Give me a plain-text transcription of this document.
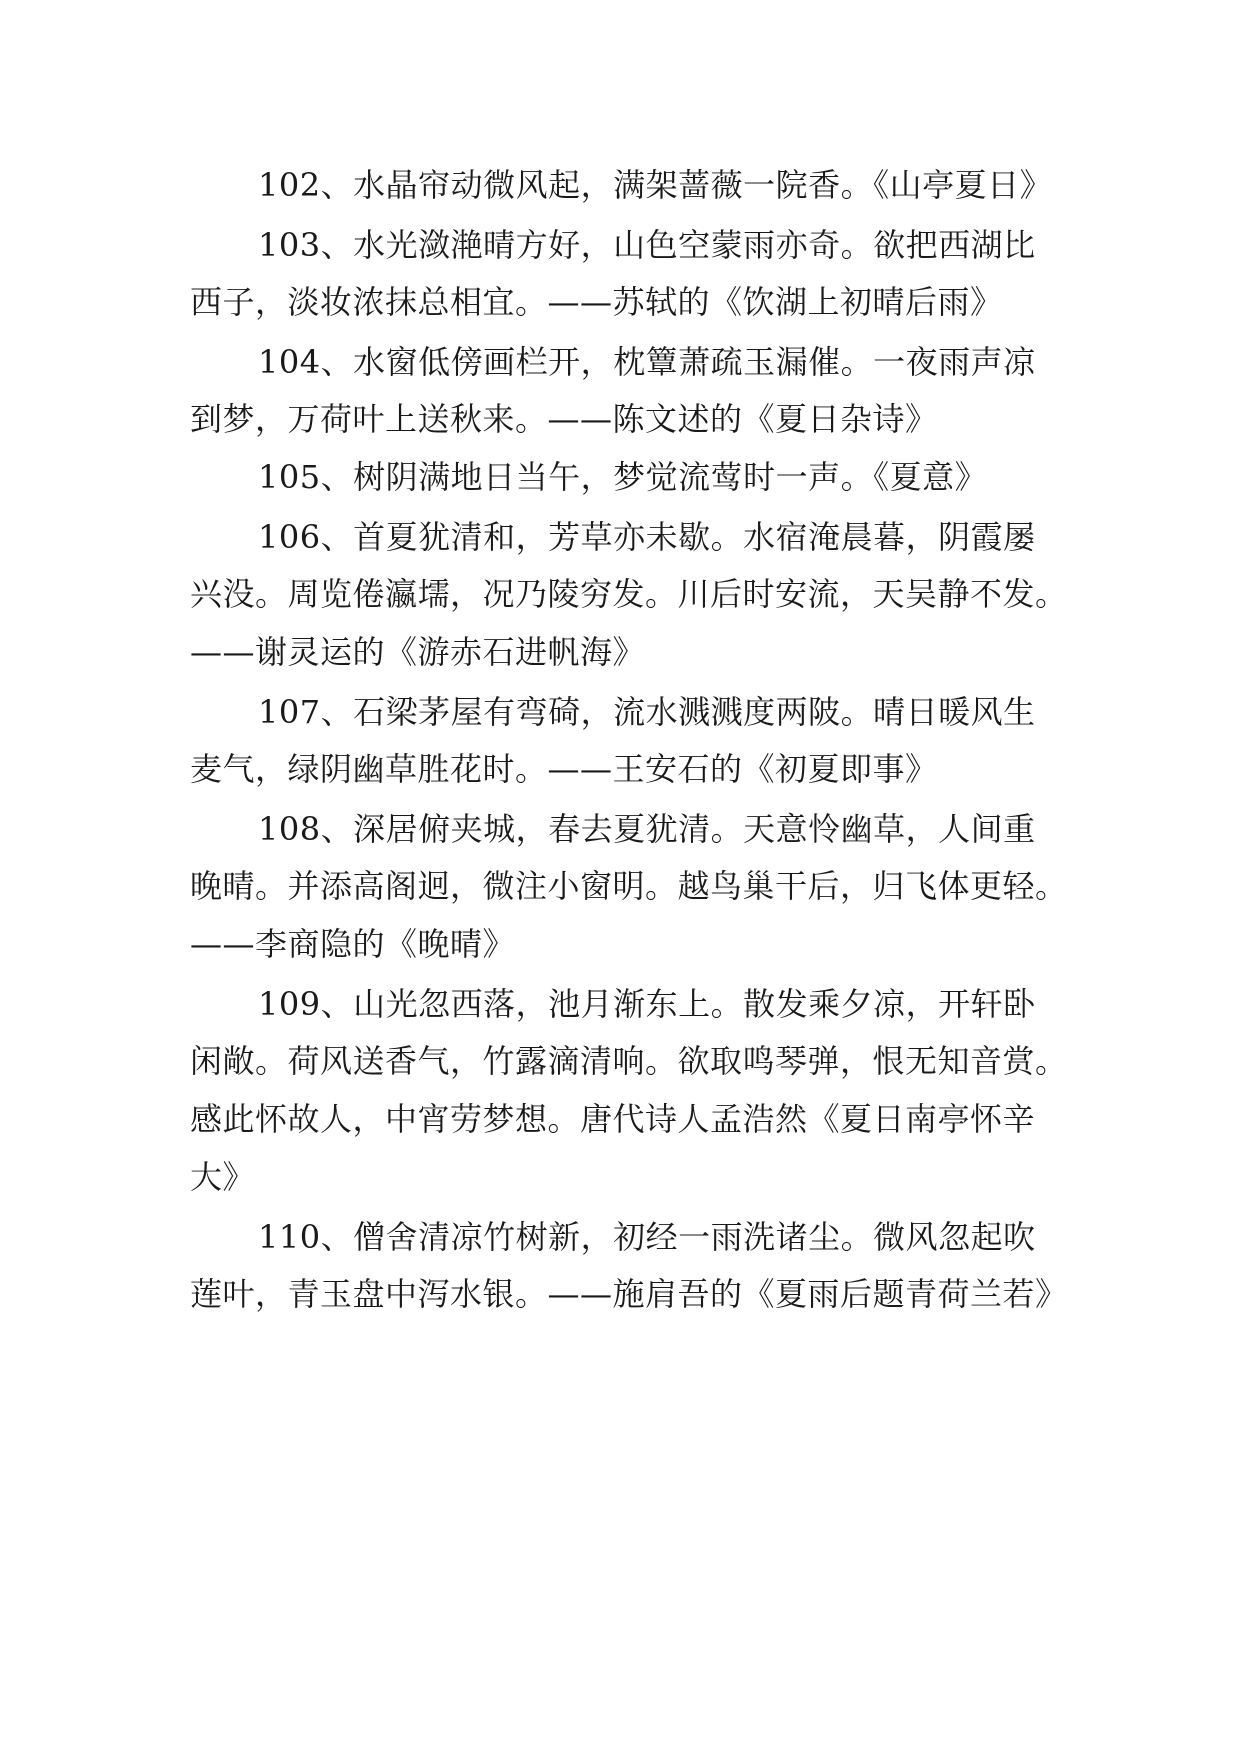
102、水晶帘动微风起，满架蔷薇一院香。《山亭夏日》
103、水光潋滟晴方好，山色空蒙雨亦奇。欲把西湖比
西子，淡妆浓抹总相宜。——苏轼的《饮湖上初晴后雨》
104、水窗低傍画栏开，枕簟萧疏玉漏催。一夜雨声凉
到梦，万荷叶上送秋来。——陈文述的《夏日杂诗》
105、树阴满地日当午，梦觉流莺时一声。《夏意》
106、首夏犹清和，芳草亦未歇。水宿淹晨暮，阴霞屡
兴没。周览倦瀛壖，况乃陵穷发。川后时安流，天吴静不发。
——谢灵运的《游赤石进帆海》
107、石梁茅屋有弯碕，流水溅溅度两陂。晴日暖风生
麦气，绿阴幽草胜花时。——王安石的《初夏即事》
108、深居俯夹城，春去夏犹清。天意怜幽草，人间重
晚晴。并添高阁迥，微注小窗明。越鸟巢干后，归飞体更轻。
——李商隐的《晚晴》
109、山光忽西落，池月渐东上。散发乘夕凉，开轩卧
闲敞。荷风送香气，竹露滴清响。欲取鸣琴弹，恨无知音赏。
感此怀故人，中宵劳梦想。唐代诗人孟浩然《夏日南亭怀辛
大》
110、僧舍清凉竹树新，初经一雨洗诸尘。微风忽起吹
莲叶，青玉盘中泻水银。——施肩吾的《夏雨后题青荷兰若》
